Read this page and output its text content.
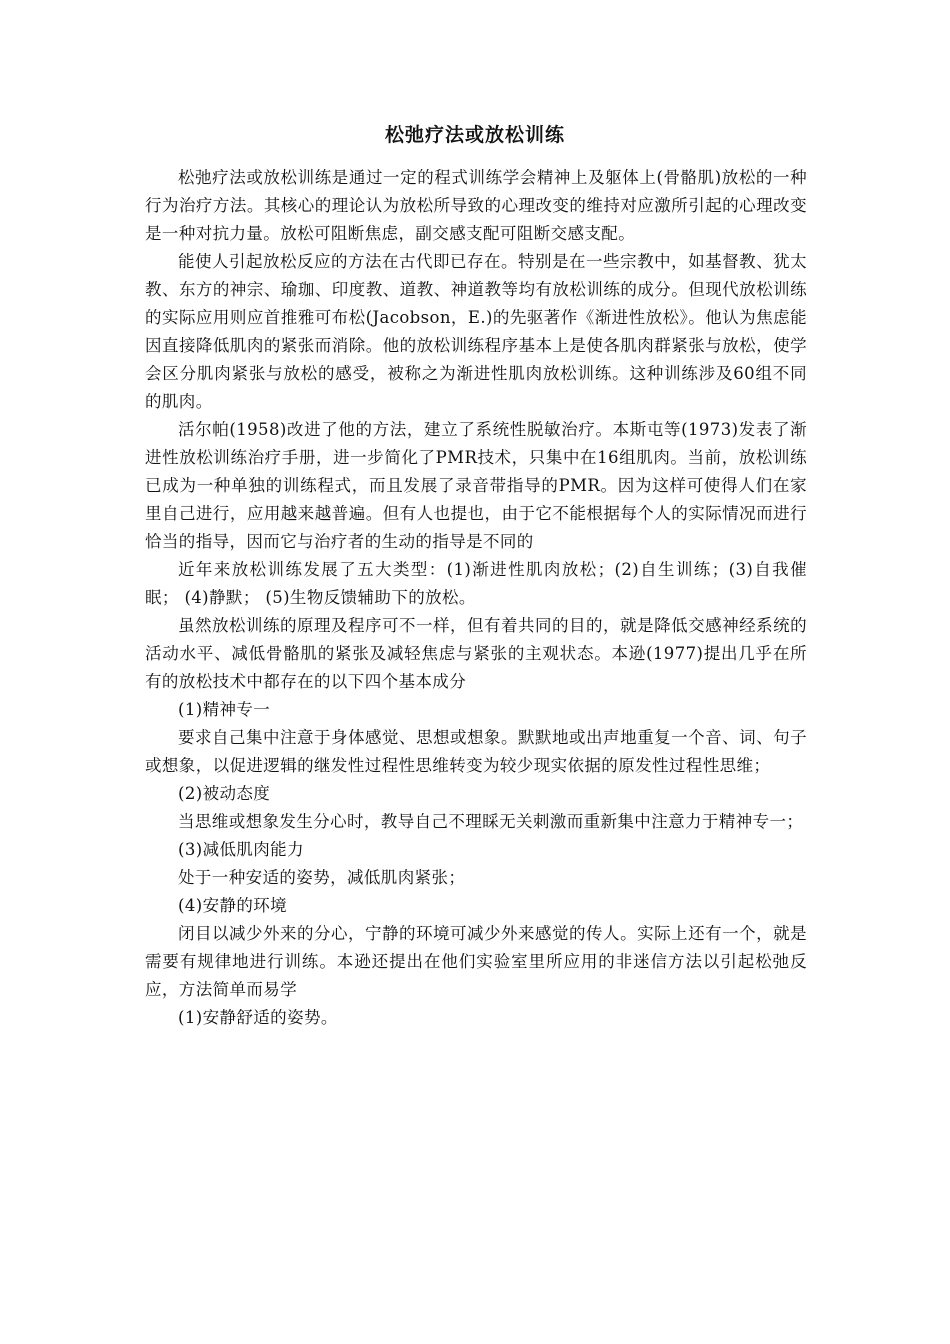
松弛疗法或放松训练

松弛疗法或放松训练是通过一定的程式训练学会精神上及躯体上(骨骼肌)放松的一种行为治疗方法。其核心的理论认为放松所导致的心理改变的维持对应激所引起的心理改变是一种对抗力量。放松可阻断焦虑，副交感支配可阻断交感支配。

能使人引起放松反应的方法在古代即已存在。特别是在一些宗教中，如基督教、犹太教、东方的神宗、瑜珈、印度教、道教、神道教等均有放松训练的成分。但现代放松训练的实际应用则应首推雅可布松(Jacobson，E.)的先驱著作《渐进性放松》。他认为焦虑能因直接降低肌肉的紧张而消除。他的放松训练程序基本上是使各肌肉群紧张与放松，使学会区分肌肉紧张与放松的感受，被称之为渐进性肌肉放松训练。这种训练涉及60组不同的肌肉。

活尔帕(1958)改进了他的方法，建立了系统性脱敏治疗。本斯屯等(1973)发表了渐进性放松训练治疗手册，进一步简化了PMR技术，只集中在16组肌肉。当前，放松训练已成为一种单独的训练程式，而且发展了录音带指导的PMR。因为这样可使得人们在家里自己进行，应用越来越普遍。但有人也提也，由于它不能根据每个人的实际情况而进行恰当的指导，因而它与治疗者的生动的指导是不同的

近年来放松训练发展了五大类型：(1)渐进性肌肉放松；(2)自生训练；(3)自我催眠； (4)静默； (5)生物反馈辅助下的放松。

虽然放松训练的原理及程序可不一样，但有着共同的目的，就是降低交感神经系统的活动水平、减低骨骼肌的紧张及减轻焦虑与紧张的主观状态。本逊(1977)提出几乎在所有的放松技术中都存在的以下四个基本成分

(1)精神专一

要求自己集中注意于身体感觉、思想或想象。默默地或出声地重复一个音、词、句子或想象，以促进逻辑的继发性过程性思维转变为较少现实依据的原发性过程性思维；

(2)被动态度

当思维或想象发生分心时，教导自己不理睬无关刺激而重新集中注意力于精神专一；

(3)减低肌肉能力

处于一种安适的姿势，减低肌肉紧张；

(4)安静的环境

闭目以减少外来的分心，宁静的环境可减少外来感觉的传人。实际上还有一个，就是需要有规律地进行训练。本逊还提出在他们实验室里所应用的非迷信方法以引起松弛反应，方法简单而易学

(1)安静舒适的姿势。
